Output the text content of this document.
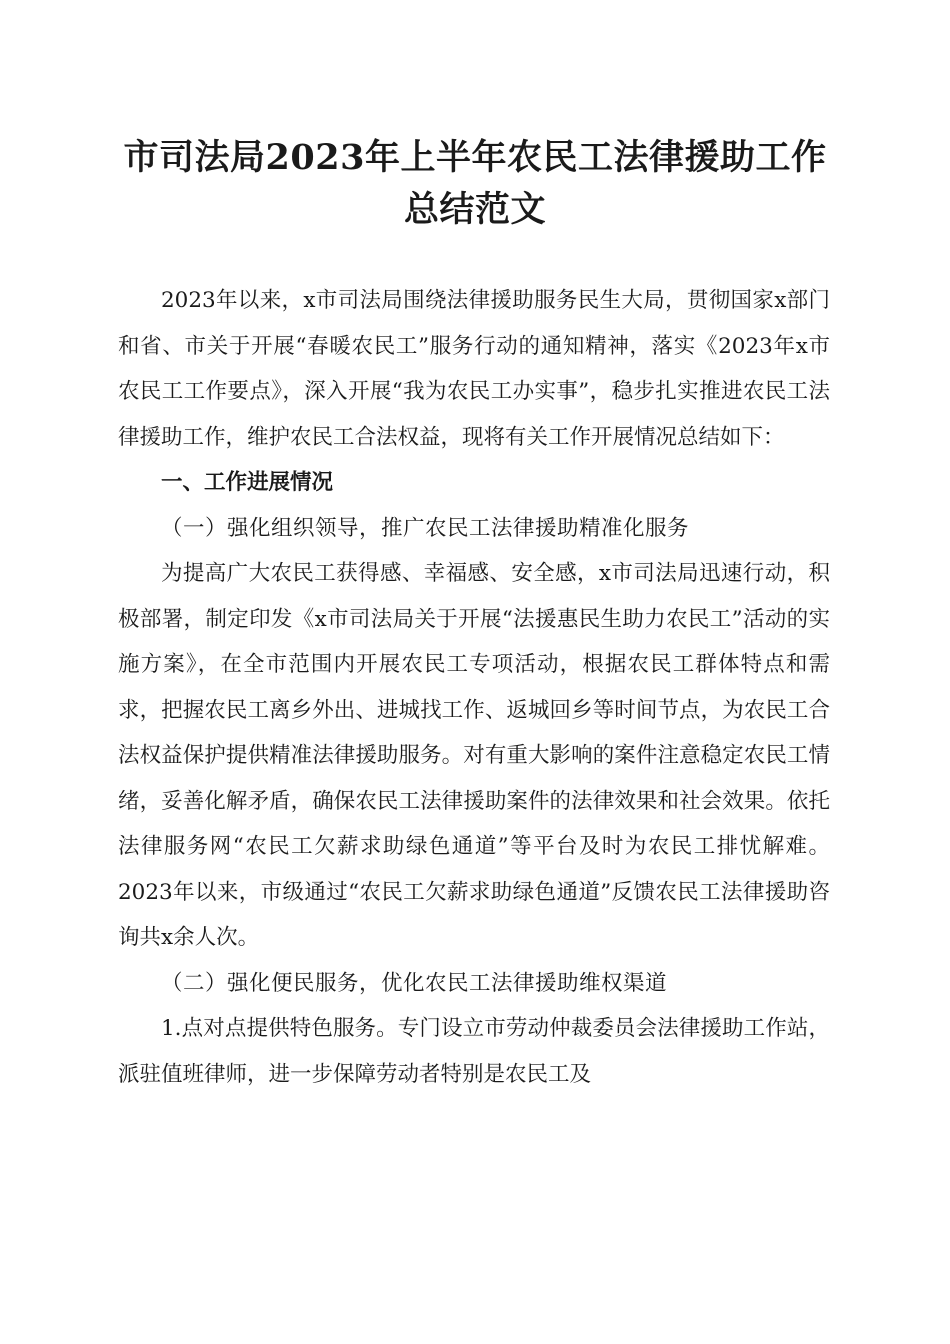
市司法局2023年上半年农民工法律援助工作
总结范文

2023年以来，x市司法局围绕法律援助服务民生大局，贯彻国家x部门和省、市关于开展“春暖农民工”服务行动的通知精神，落实《2023年x市农民工工作要点》，深入开展“我为农民工办实事”，稳步扎实推进农民工法律援助工作，维护农民工合法权益，现将有关工作开展情况总结如下：

一、工作进展情况

（一）强化组织领导，推广农民工法律援助精准化服务

为提高广大农民工获得感、幸福感、安全感，x市司法局迅速行动，积极部署，制定印发《x市司法局关于开展“法援惠民生助力农民工”活动的实施方案》，在全市范围内开展农民工专项活动，根据农民工群体特点和需求，把握农民工离乡外出、进城找工作、返城回乡等时间节点，为农民工合法权益保护提供精准法律援助服务。对有重大影响的案件注意稳定农民工情绪，妥善化解矛盾，确保农民工法律援助案件的法律效果和社会效果。依托法律服务网“农民工欠薪求助绿色通道”等平台及时为农民工排忧解难。2023年以来，市级通过“农民工欠薪求助绿色通道”反馈农民工法律援助咨询共x余人次。

（二）强化便民服务，优化农民工法律援助维权渠道

1.点对点提供特色服务。专门设立市劳动仲裁委员会法律援助工作站，派驻值班律师，进一步保障劳动者特别是农民工及
